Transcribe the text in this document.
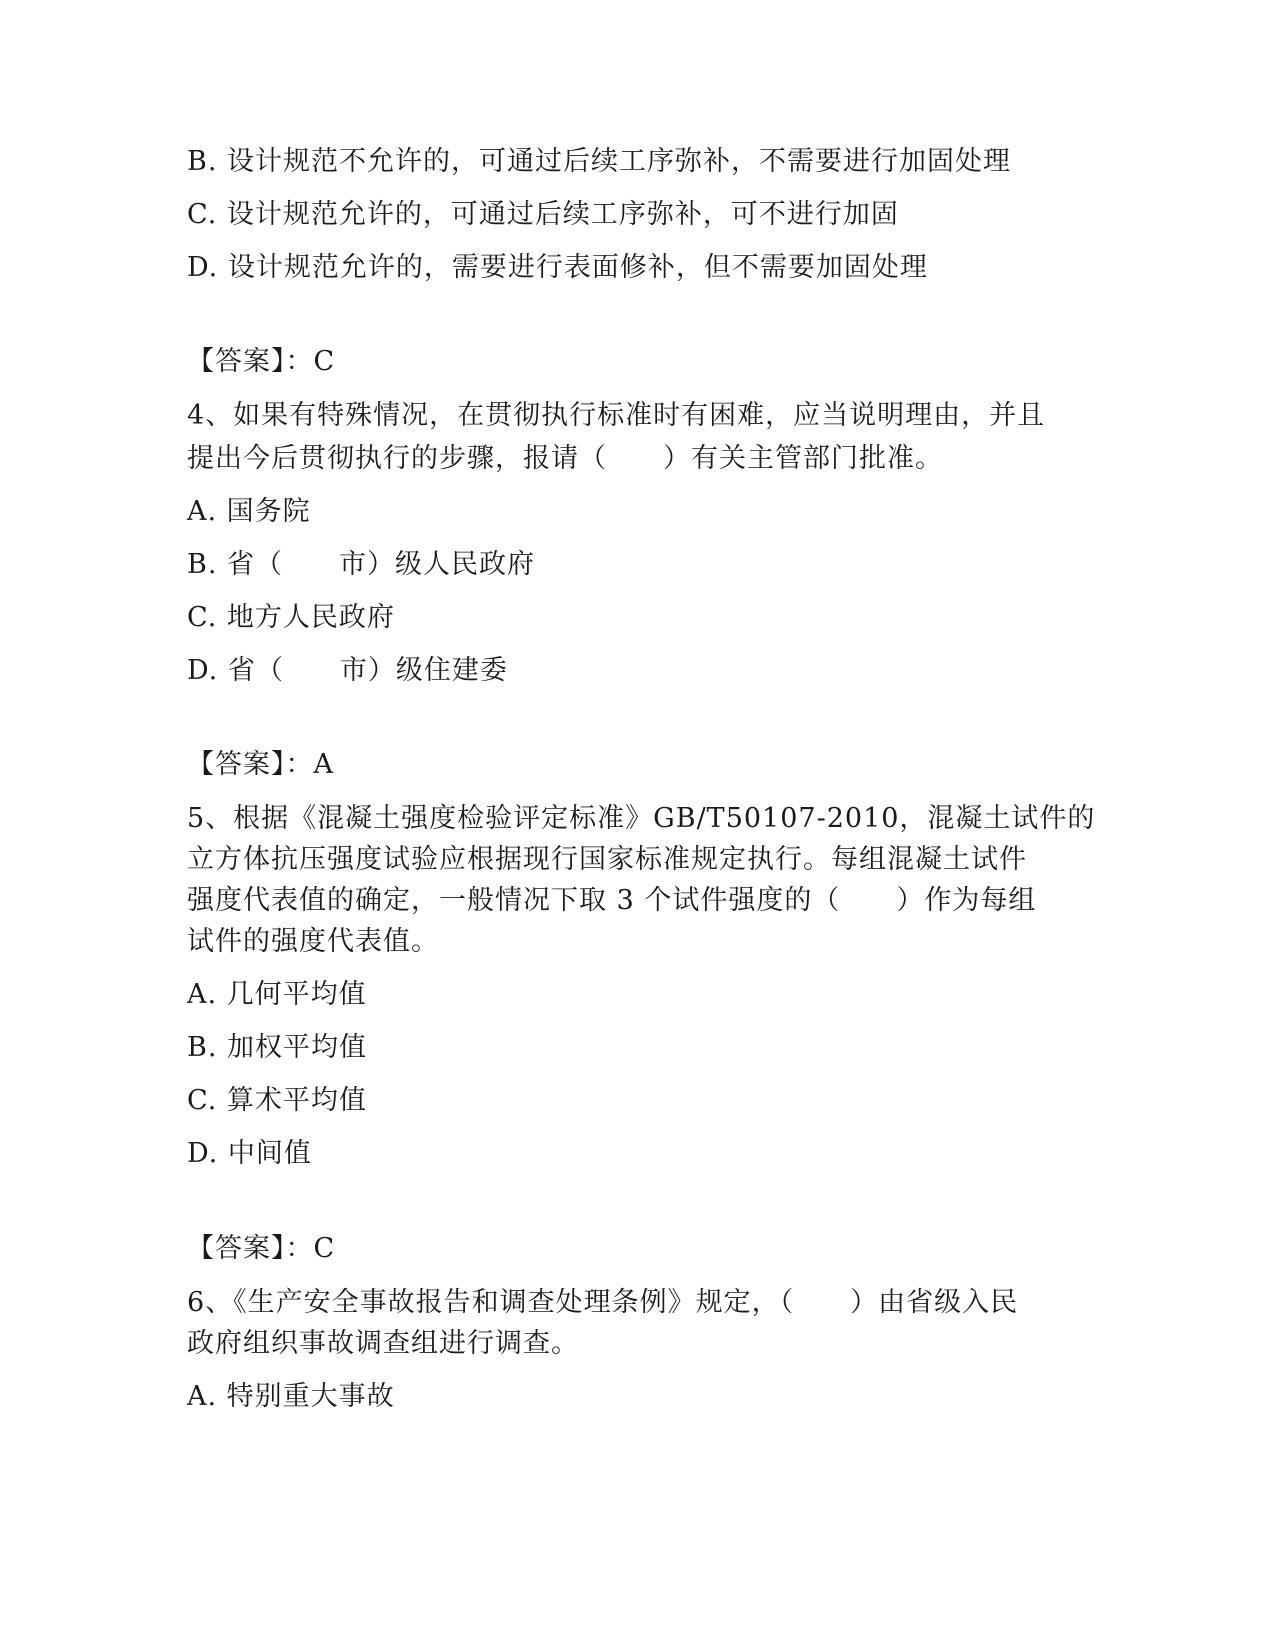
B. 设计规范不允许的，可通过后续工序弥补，不需要进行加固处理
C. 设计规范允许的，可通过后续工序弥补，可不进行加固
D. 设计规范允许的，需要进行表面修补，但不需要加固处理
【答案】：C
4、如果有特殊情况，在贯彻执行标准时有困难，应当说明理由，并且
提出今后贯彻执行的步骤，报请（　　）有关主管部门批准。
A. 国务院
B. 省（　　市）级人民政府
C. 地方人民政府
D. 省（　　市）级住建委
【答案】：A
5、根据《混凝土强度检验评定标准》GB/T50107-2010，混凝土试件的
立方体抗压强度试验应根据现行国家标准规定执行。每组混凝土试件
强度代表值的确定，一般情况下取 3 个试件强度的（　　）作为每组
试件的强度代表值。
A. 几何平均值
B. 加权平均值
C. 算术平均值
D. 中间值
【答案】：C
6、《生产安全事故报告和调查处理条例》规定，（　　）由省级入民
政府组织事故调查组进行调查。
A. 特别重大事故
